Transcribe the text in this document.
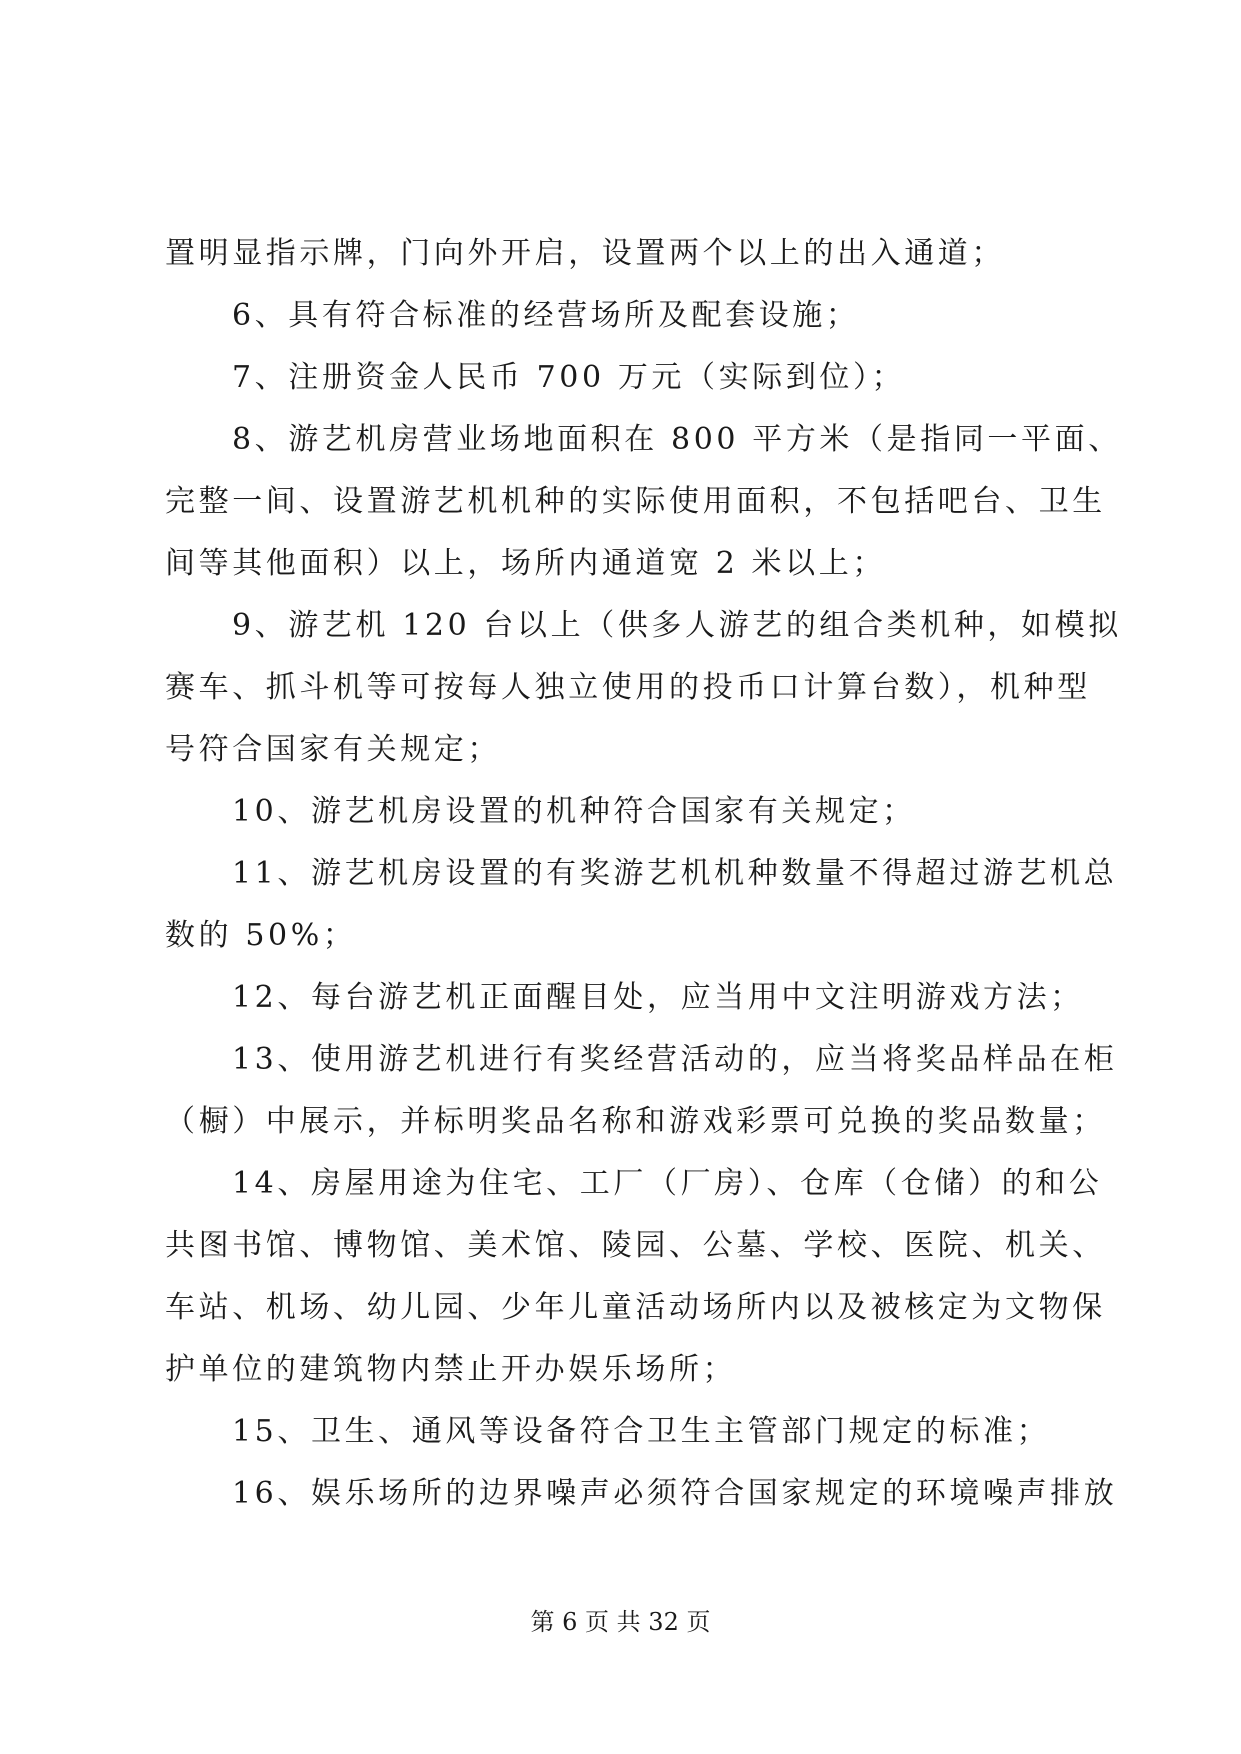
置明显指示牌，门向外开启，设置两个以上的出入通道；
6、具有符合标准的经营场所及配套设施；
7、注册资金人民币 700 万元（实际到位）；
8、游艺机房营业场地面积在 800 平方米（是指同一平面、
完整一间、设置游艺机机种的实际使用面积，不包括吧台、卫生
间等其他面积）以上，场所内通道宽 2 米以上；
9、游艺机 120 台以上（供多人游艺的组合类机种，如模拟
赛车、抓斗机等可按每人独立使用的投币口计算台数），机种型
号符合国家有关规定；
10、游艺机房设置的机种符合国家有关规定；
11、游艺机房设置的有奖游艺机机种数量不得超过游艺机总
数的 50%；
12、每台游艺机正面醒目处，应当用中文注明游戏方法；
13、使用游艺机进行有奖经营活动的，应当将奖品样品在柜
（橱）中展示，并标明奖品名称和游戏彩票可兑换的奖品数量；
14、房屋用途为住宅、工厂（厂房）、仓库（仓储）的和公
共图书馆、博物馆、美术馆、陵园、公墓、学校、医院、机关、
车站、机场、幼儿园、少年儿童活动场所内以及被核定为文物保
护单位的建筑物内禁止开办娱乐场所；
15、卫生、通风等设备符合卫生主管部门规定的标准；
16、娱乐场所的边界噪声必须符合国家规定的环境噪声排放
第 6 页 共 32 页
